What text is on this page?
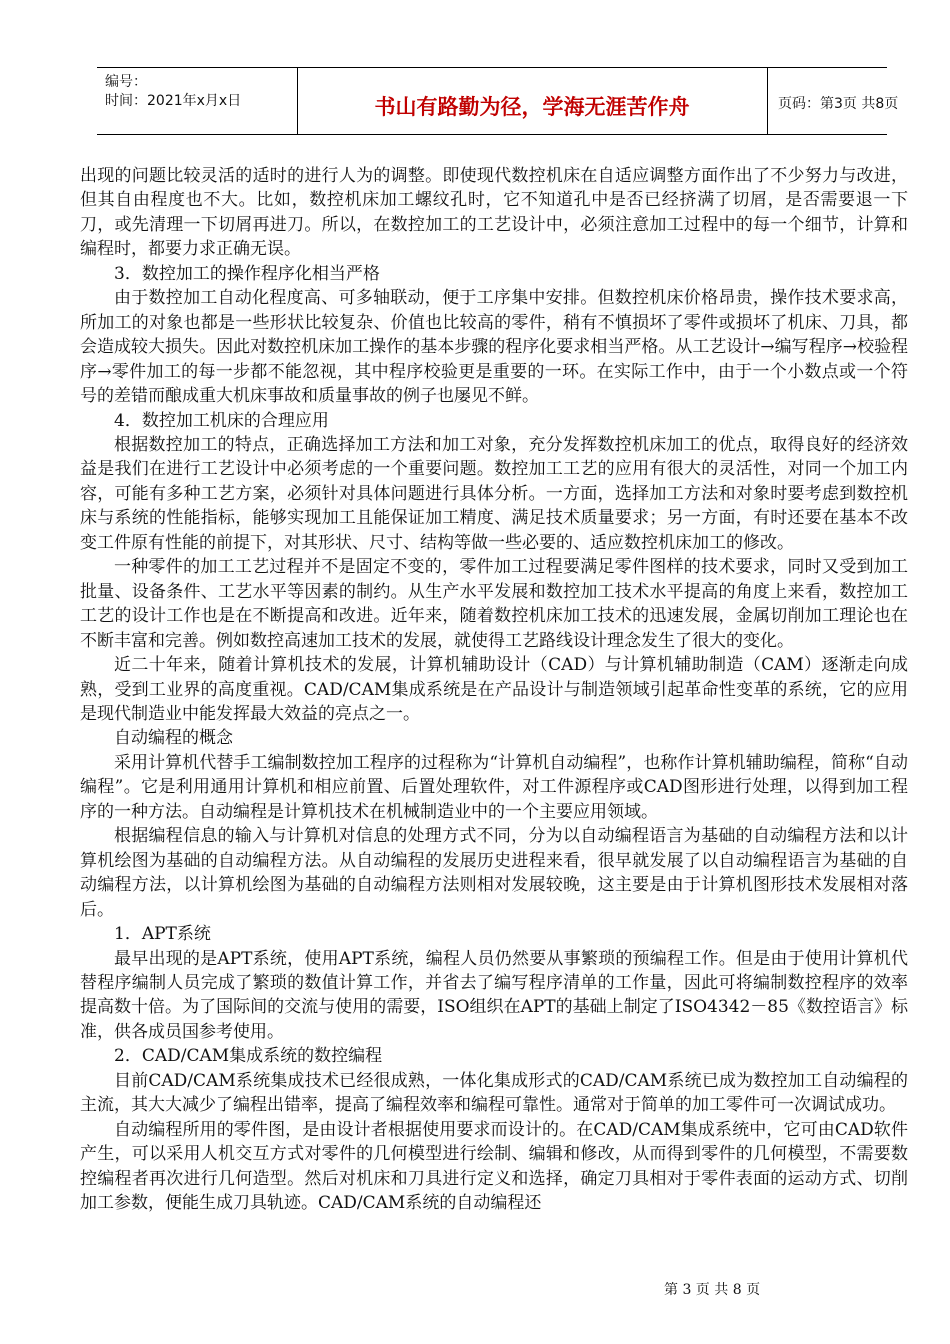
编号：
时间：2021年x月x日	书山有路勤为径，学海无涯苦作舟	页码：第3页 共8页

出现的问题比较灵活的适时的进行人为的调整。即使现代数控机床在自适应调整方面作出了不少努力与改进，但其自由程度也不大。比如，数控机床加工螺纹孔时，它不知道孔中是否已经挤满了切屑，是否需要退一下刀，或先清理一下切屑再进刀。所以，在数控加工的工艺设计中，必须注意加工过程中的每一个细节，计算和编程时，都要力求正确无误。

3．数控加工的操作程序化相当严格

由于数控加工自动化程度高、可多轴联动，便于工序集中安排。但数控机床价格昂贵，操作技术要求高，所加工的对象也都是一些形状比较复杂、价值也比较高的零件，稍有不慎损坏了零件或损坏了机床、刀具，都会造成较大损失。因此对数控机床加工操作的基本步骤的程序化要求相当严格。从工艺设计→编写程序→校验程序→零件加工的每一步都不能忽视，其中程序校验更是重要的一环。在实际工作中，由于一个小数点或一个符号的差错而酿成重大机床事故和质量事故的例子也屡见不鲜。

4．数控加工机床的合理应用

根据数控加工的特点，正确选择加工方法和加工对象，充分发挥数控机床加工的优点，取得良好的经济效益是我们在进行工艺设计中必须考虑的一个重要问题。数控加工工艺的应用有很大的灵活性，对同一个加工内容，可能有多种工艺方案，必须针对具体问题进行具体分析。一方面，选择加工方法和对象时要考虑到数控机床与系统的性能指标，能够实现加工且能保证加工精度、满足技术质量要求；另一方面，有时还要在基本不改变工件原有性能的前提下，对其形状、尺寸、结构等做一些必要的、适应数控机床加工的修改。

一种零件的加工工艺过程并不是固定不变的，零件加工过程要满足零件图样的技术要求，同时又受到加工批量、设备条件、工艺水平等因素的制约。从生产水平发展和数控加工技术水平提高的角度上来看，数控加工工艺的设计工作也是在不断提高和改进。近年来，随着数控机床加工技术的迅速发展，金属切削加工理论也在不断丰富和完善。例如数控高速加工技术的发展，就使得工艺路线设计理念发生了很大的变化。

近二十年来，随着计算机技术的发展，计算机辅助设计（CAD）与计算机辅助制造（CAM）逐渐走向成熟，受到工业界的高度重视。CAD/CAM集成系统是在产品设计与制造领域引起革命性变革的系统，它的应用是现代制造业中能发挥最大效益的亮点之一。

自动编程的概念

采用计算机代替手工编制数控加工程序的过程称为“计算机自动编程”，也称作计算机辅助编程，简称“自动编程”。它是利用通用计算机和相应前置、后置处理软件，对工件源程序或CAD图形进行处理，以得到加工程序的一种方法。自动编程是计算机技术在机械制造业中的一个主要应用领域。

根据编程信息的输入与计算机对信息的处理方式不同，分为以自动编程语言为基础的自动编程方法和以计算机绘图为基础的自动编程方法。从自动编程的发展历史进程来看，很早就发展了以自动编程语言为基础的自动编程方法，以计算机绘图为基础的自动编程方法则相对发展较晚，这主要是由于计算机图形技术发展相对落后。

1．APT系统

最早出现的是APT系统，使用APT系统，编程人员仍然要从事繁琐的预编程工作。但是由于使用计算机代替程序编制人员完成了繁琐的数值计算工作，并省去了编写程序清单的工作量，因此可将编制数控程序的效率提高数十倍。为了国际间的交流与使用的需要，ISO组织在APT的基础上制定了ISO4342－85《数控语言》标准，供各成员国参考使用。

2．CAD/CAM集成系统的数控编程

目前CAD/CAM系统集成技术已经很成熟，一体化集成形式的CAD/CAM系统已成为数控加工自动编程的主流，其大大减少了编程出错率，提高了编程效率和编程可靠性。通常对于简单的加工零件可一次调试成功。

自动编程所用的零件图，是由设计者根据使用要求而设计的。在CAD/CAM集成系统中，它可由CAD软件产生，可以采用人机交互方式对零件的几何模型进行绘制、编辑和修改，从而得到零件的几何模型，不需要数控编程者再次进行几何造型。然后对机床和刀具进行定义和选择，确定刀具相对于零件表面的运动方式、切削加工参数，便能生成刀具轨迹。CAD/CAM系统的自动编程还

第 3 页 共 8 页
